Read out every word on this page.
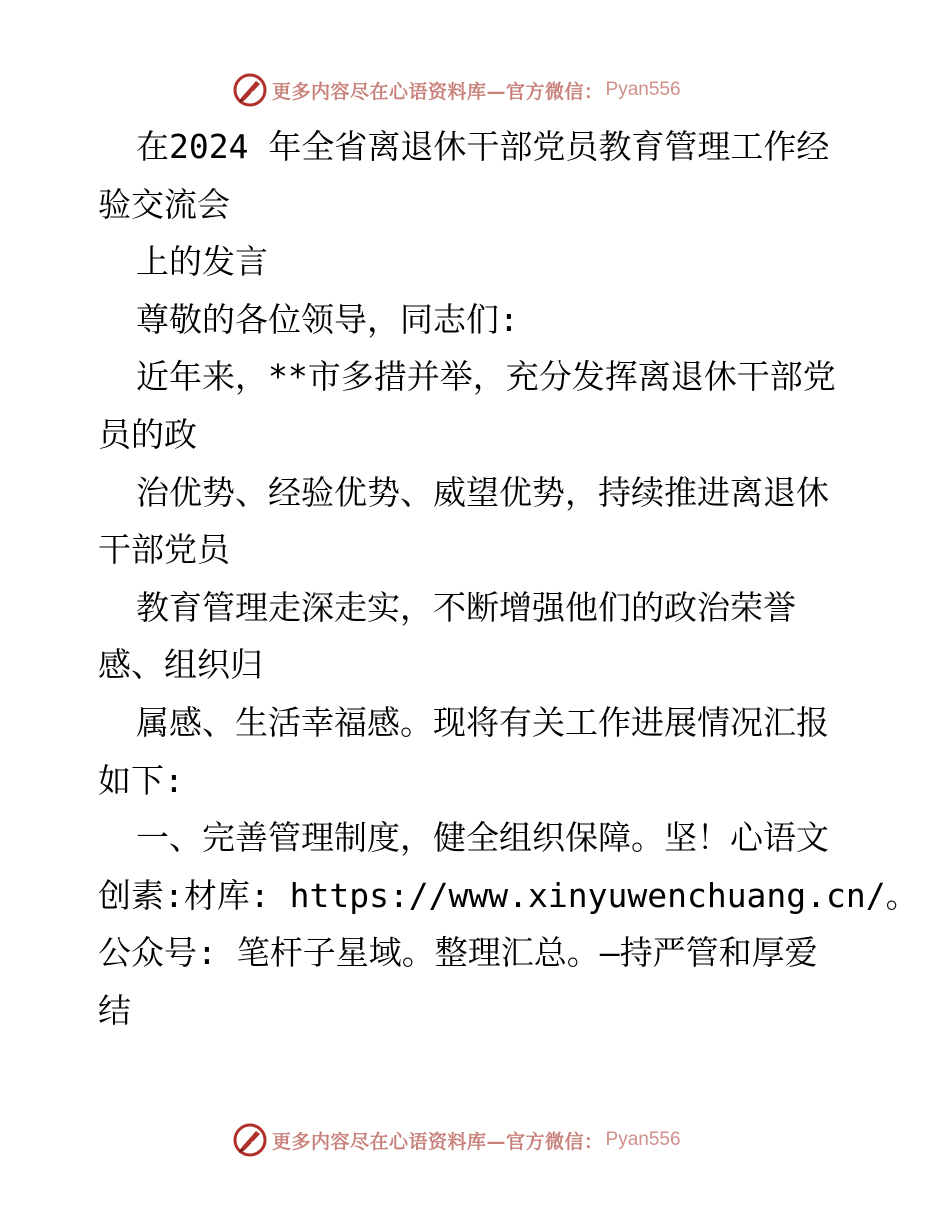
更多内容尽在心语资料库—官方微信： Pyan556
在2024 年全省离退休干部党员教育管理工作经
验交流会
上的发言
尊敬的各位领导，同志们:
近年来，**市多措并举，充分发挥离退休干部党
员的政
治优势、经验优势、威望优势，持续推进离退休
干部党员
教育管理走深走实，不断增强他们的政治荣誉
感、组织归
属感、生活幸福感。现将有关工作进展情况汇报
如下:
一、完善管理制度，健全组织保障。坚！心语文
创素:材库: https://www.xinyuwenchuang.cn/。
公众号: 笔杆子星域。整理汇总。—持严管和厚爱
结
更多内容尽在心语资料库—官方微信： Pyan556
